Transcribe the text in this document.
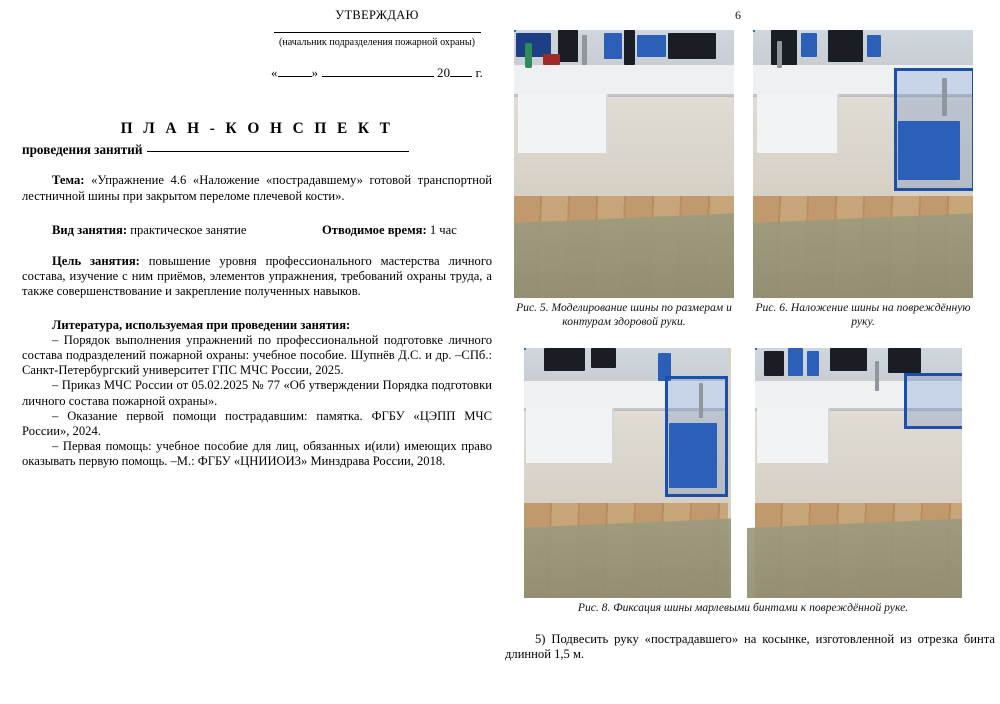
6
УТВЕРЖДАЮ
(начальник подразделения пожарной охраны)
«	»	20 г.
П Л А Н - К О Н С П Е К Т
проведения занятий
Тема: «Упражнение 4.6 «Наложение «пострадавшему» готовой транспортной лестничной шины при закрытом переломе плечевой кости».
Вид занятия: практическое занятие	Отводимое время: 1 час
Цель занятия: повышение уровня профессионального мастерства личного состава, изучение с ним приёмов, элементов упражнения, требований охраны труда, а также совершенствование и закрепление полученных навыков.
Литература, используемая при проведении занятия:
– Порядок выполнения упражнений по профессиональной подготовке личного состава подразделений пожарной охраны: учебное пособие. Шупнёв Д.С. и др. –СПб.: Санкт-Петербургский университет ГПС МЧС России, 2025.
– Приказ МЧС России от 05.02.2025 № 77 «Об утверждении Порядка подготовки личного состава пожарной охраны».
– Оказание первой помощи пострадавшим: памятка. ФГБУ «ЦЭПП МЧС России», 2024.
– Первая помощь: учебное пособие для лиц, обязанных и(или) имеющих право оказывать первую помощь. –М.: ФГБУ «ЦНИИОИЗ» Минздрава России, 2018.
Рис. 5. Моделирование шины по размерам и контурам здоровой руки.
Рис. 6. Наложение шины на повреждённую руку.
Рис. 8. Фиксация шины марлевыми бинтами к повреждённой руке.
5) Подвесить руку «пострадавшего» на косынке, изготовленной из отрезка бинта длинной 1,5 м.
